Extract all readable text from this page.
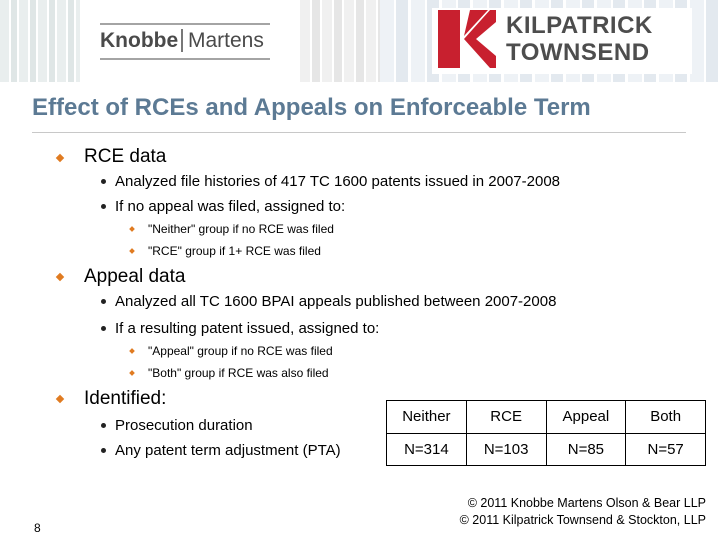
Knobbe Martens
KILPATRICK
TOWNSEND
Effect of RCEs and Appeals on Enforceable Term
RCE data
Analyzed file histories of 417 TC 1600 patents issued in 2007-2008
If no appeal was filed, assigned to:
"Neither" group if no RCE was filed
"RCE" group if 1+ RCE was filed
Appeal data
Analyzed all TC 1600 BPAI appeals published between 2007-2008
If a resulting patent issued, assigned to:
"Appeal" group if no RCE was filed
"Both" group if RCE was also filed
Identified:
Prosecution duration
Any patent term adjustment (PTA)
Neither	RCE	Appeal	Both
N=314	N=103	N=85	N=57
8
© 2011 Knobbe Martens Olson & Bear LLP
© 2011 Kilpatrick Townsend & Stockton, LLP
